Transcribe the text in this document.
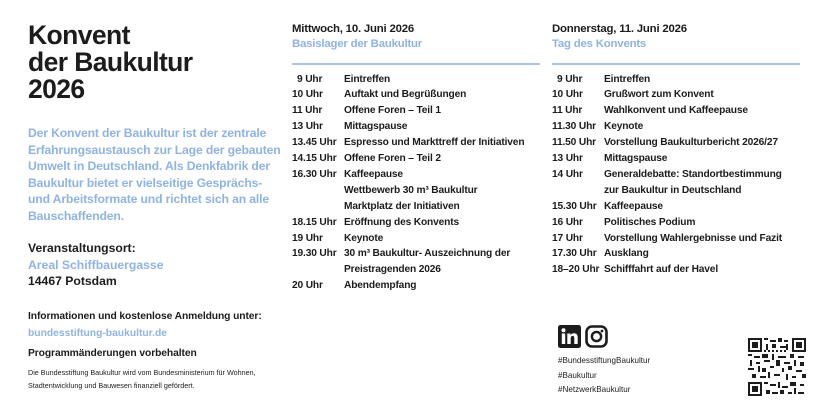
Konvent
der Baukultur
2026

Der Konvent der Baukultur ist der zentrale Erfahrungsaustausch zur Lage der gebauten Umwelt in Deutschland. Als Denkfabrik der Baukultur bietet er vielseitige Gesprächs- und Arbeitsformate und richtet sich an alle Bauschaffenden.

Veranstaltungsort:
Areal Schiffbauergasse
14467 Potsdam
Informationen und kostenlose Anmeldung unter:
bundesstiftung-baukultur.de
Programmänderungen vorbehalten
Die Bundesstiftung Baukultur wird vom Bundesministerium für Wohnen,
Stadtentwicklung und Bauwesen finanziell gefördert.
Mittwoch, 10. Juni 2026
Basislager der Baukultur
9 Uhr	Eintreffen
10 Uhr	Auftakt und Begrüßungen
11 Uhr	Offene Foren – Teil 1
13 Uhr	Mittagspause
13.45 Uhr Espresso und Markttreff der Initiativen
14.15 Uhr Offene Foren – Teil 2
16.30 Uhr Kaffeepause
Wettbewerb 30 m³ Baukultur
Marktplatz der Initiativen
18.15 Uhr Eröffnung des Konvents
19 Uhr	Keynote
19.30 Uhr 30 m³ Baukultur- Auszeichnung der
Preistragenden 2026
20 Uhr	Abendempfang
Donnerstag, 11. Juni 2026
Tag des Konvents
9 Uhr	Eintreffen
10 Uhr	Grußwort zum Konvent
11 Uhr	Wahlkonvent und Kaffeepause
11.30 Uhr Keynote
11.50 Uhr Vorstellung Baukulturbericht 2026/27
13 Uhr	Mittagspause
14 Uhr	Generaldebatte: Standortbestimmung
zur Baukultur in Deutschland
15.30 Uhr Kaffeepause
16 Uhr	Politisches Podium
17 Uhr	Vorstellung Wahlergebnisse und Fazit
17.30 Uhr Ausklang
18–20 Uhr Schifffahrt auf der Havel
#BundesstiftungBaukultur
#Baukultur
#NetzwerkBaukultur
